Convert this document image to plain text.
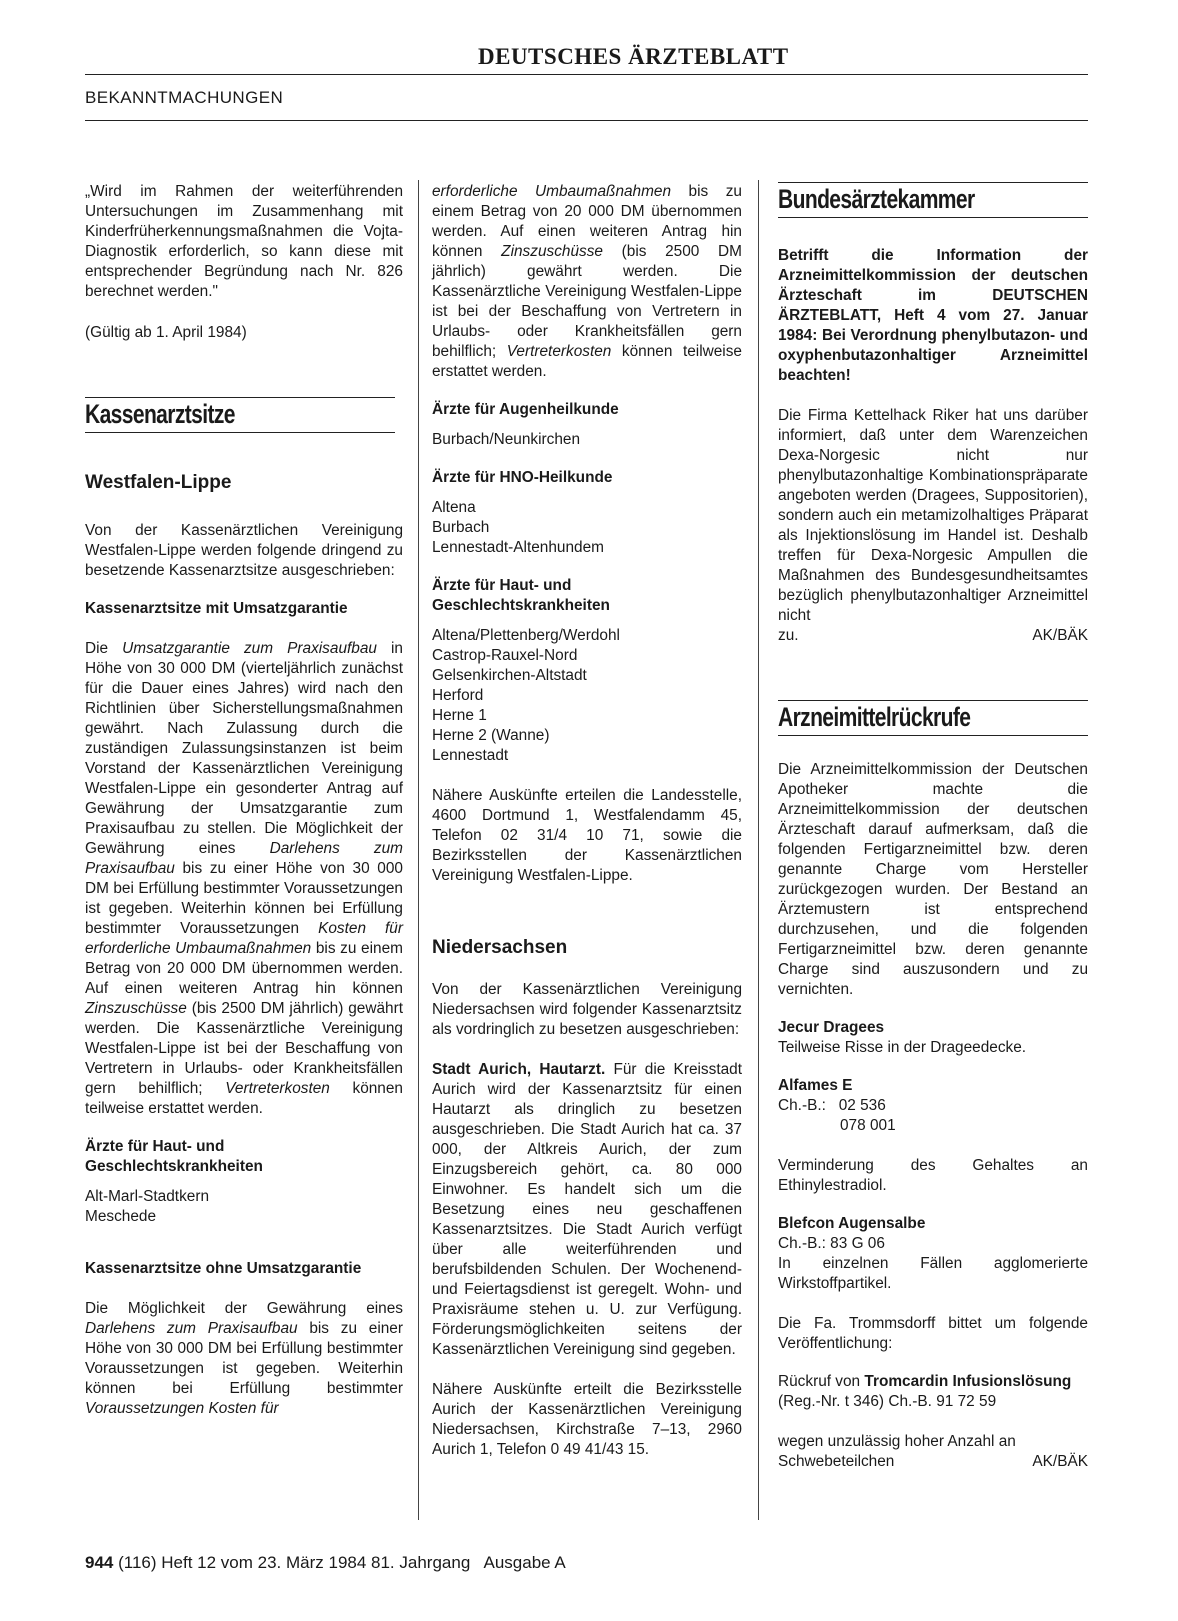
DEUTSCHES ÄRZTEBLATT
BEKANNTMACHUNGEN

„Wird im Rahmen der weiterführenden Untersuchungen im Zusammenhang mit Kinderfrüherkennungsmaßnahmen die Vojta-Diagnostik erforderlich, so kann diese mit entsprechender Begründung nach Nr. 826 berechnet werden."

(Gültig ab 1. April 1984)

Kassenarztsitze
Westfalen-Lippe

Von der Kassenärztlichen Vereinigung Westfalen-Lippe werden folgende dringend zu besetzende Kassenarztsitze ausgeschrieben:

Kassenarztsitze mit Umsatzgarantie

Die Umsatzgarantie zum Praxisaufbau in Höhe von 30 000 DM (vierteljährlich zunächst für die Dauer eines Jahres) wird nach den Richtlinien über Sicherstellungsmaßnahmen gewährt. Nach Zulassung durch die zuständigen Zulassungsinstanzen ist beim Vorstand der Kassenärztlichen Vereinigung Westfalen-Lippe ein gesonderter Antrag auf Gewährung der Umsatzgarantie zum Praxisaufbau zu stellen. Die Möglichkeit der Gewährung eines Darlehens zum Praxisaufbau bis zu einer Höhe von 30 000 DM bei Erfüllung bestimmter Voraussetzungen ist gegeben. Weiterhin können bei Erfüllung bestimmter Voraussetzungen Kosten für erforderliche Umbaumaßnahmen bis zu einem Betrag von 20 000 DM übernommen werden. Auf einen weiteren Antrag hin können Zinszuschüsse (bis 2500 DM jährlich) gewährt werden. Die Kassenärztliche Vereinigung Westfalen-Lippe ist bei der Beschaffung von Vertretern in Urlaubs- oder Krankheitsfällen gern behilflich; Vertreterkosten können teilweise erstattet werden.

Ärzte für Haut- und Geschlechtskrankheiten

Alt-Marl-Stadtkern

Meschede

Kassenarztsitze ohne Umsatzgarantie

Die Möglichkeit der Gewährung eines Darlehens zum Praxisaufbau bis zu einer Höhe von 30 000 DM bei Erfüllung bestimmter Voraussetzungen ist gegeben. Weiterhin können bei Erfüllung bestimmter Voraussetzungen Kosten für

erforderliche Umbaumaßnahmen bis zu einem Betrag von 20 000 DM übernommen werden. Auf einen weiteren Antrag hin können Zinszuschüsse (bis 2500 DM jährlich) gewährt werden. Die Kassenärztliche Vereinigung Westfalen-Lippe ist bei der Beschaffung von Vertretern in Urlaubs- oder Krankheitsfällen gern behilflich; Vertreterkosten können teilweise erstattet werden.

Ärzte für Augenheilkunde

Burbach/Neunkirchen

Ärzte für HNO-Heilkunde

Altena

Burbach

Lennestadt-Altenhundem

Ärzte für Haut- und Geschlechtskrankheiten

Altena/Plettenberg/Werdohl

Castrop-Rauxel-Nord

Gelsenkirchen-Altstadt

Herford

Herne 1

Herne 2 (Wanne)

Lennestadt

Nähere Auskünfte erteilen die Landesstelle, 4600 Dortmund 1, Westfalendamm 45, Telefon 02 31/4 10 71, sowie die Bezirksstellen der Kassenärztlichen Vereinigung Westfalen-Lippe.

Niedersachsen

Von der Kassenärztlichen Vereinigung Niedersachsen wird folgender Kassenarztsitz als vordringlich zu besetzen ausgeschrieben:

Stadt Aurich, Hautarzt. Für die Kreisstadt Aurich wird der Kassenarztsitz für einen Hautarzt als dringlich zu besetzen ausgeschrieben. Die Stadt Aurich hat ca. 37 000, der Altkreis Aurich, der zum Einzugsbereich gehört, ca. 80 000 Einwohner. Es handelt sich um die Besetzung eines neu geschaffenen Kassenarztsitzes. Die Stadt Aurich verfügt über alle weiterführenden und berufsbildenden Schulen. Der Wochenend- und Feiertagsdienst ist geregelt. Wohn- und Praxisräume stehen u. U. zur Verfügung. Förderungsmöglichkeiten seitens der Kassenärztlichen Vereinigung sind gegeben.

Nähere Auskünfte erteilt die Bezirksstelle Aurich der Kassenärztlichen Vereinigung Niedersachsen, Kirchstraße 7–13, 2960 Aurich 1, Telefon 0 49 41/43 15.

Bundesärztekammer

Betrifft die Information der Arzneimittelkommission der deutschen Ärzteschaft im DEUTSCHEN ÄRZTEBLATT, Heft 4 vom 27. Januar 1984: Bei Verordnung phenylbutazon- und oxyphenbutazonhaltiger Arzneimittel beachten!

Die Firma Kettelhack Riker hat uns darüber informiert, daß unter dem Warenzeichen Dexa-Norgesic nicht nur phenylbutazonhaltige Kombinationspräparate angeboten werden (Dragees, Suppositorien), sondern auch ein metamizolhaltiges Präparat als Injektionslösung im Handel ist. Deshalb treffen für Dexa-Norgesic Ampullen die Maßnahmen des Bundesgesundheitsamtes bezüglich phenylbutazonhaltiger Arzneimittel nicht

zu.	AK/BÄK

Arzneimittelrückrufe

Die Arzneimittelkommission der Deutschen Apotheker machte die Arzneimittelkommission der deutschen Ärzteschaft darauf aufmerksam, daß die folgenden Fertigarzneimittel bzw. deren genannte Charge vom Hersteller zurückgezogen wurden. Der Bestand an Ärztemustern ist entsprechend durchzusehen, und die folgenden Fertigarzneimittel bzw. deren genannte Charge sind auszusondern und zu vernichten.

Jecur Dragees

Teilweise Risse in der Drageedecke.

Alfames E

Ch.-B.:   02 536

078 001

Verminderung des Gehaltes an Ethinylestradiol.

Blefcon Augensalbe

Ch.-B.: 83 G 06

In einzelnen Fällen agglomerierte Wirkstoffpartikel.

Die Fa. Trommsdorff bittet um folgende Veröffentlichung:

Rückruf von Tromcardin Infusionslösung

(Reg.-Nr. t 346) Ch.-B. 91 72 59

wegen unzulässig hoher Anzahl an

Schwebeteilchen	AK/BÄK

944 (116) Heft 12 vom 23. März 1984 81. Jahrgang   Ausgabe A
